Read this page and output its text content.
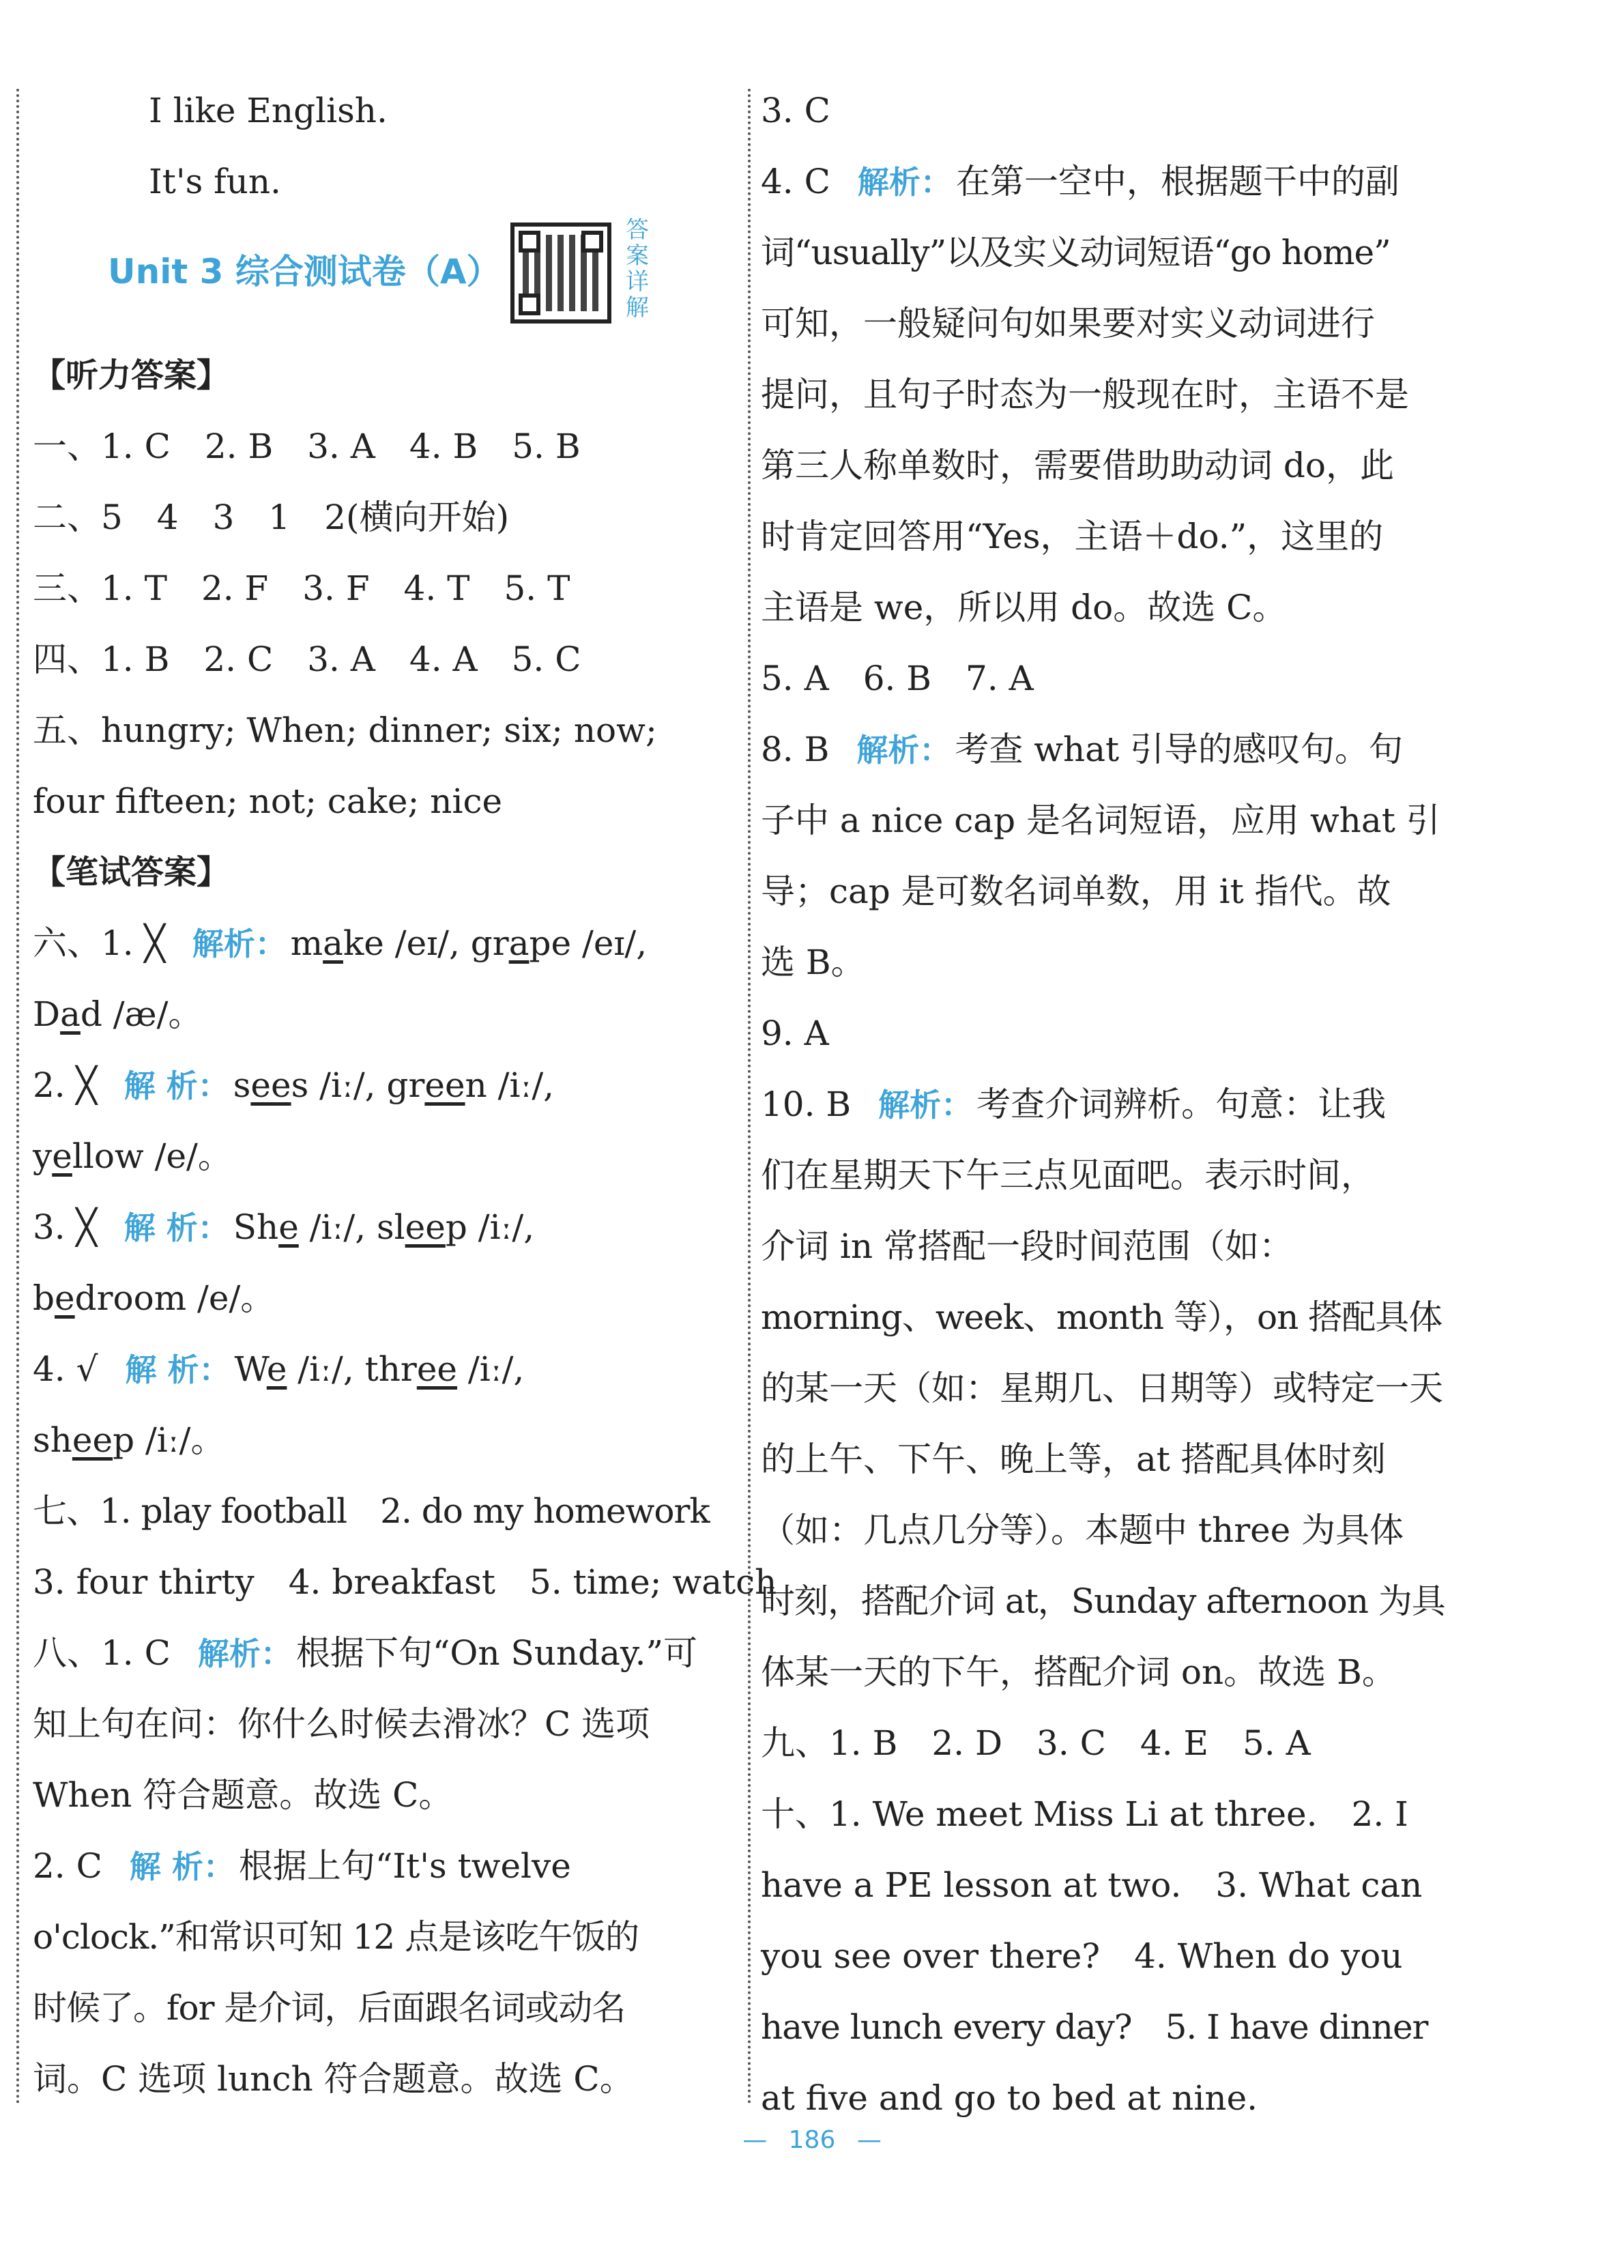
I like English.
It's fun.
Unit 3 综合测试卷（A）
答案详解
【听力答案】
一、1. C　2. B　3. A　4. B　5. B
二、5　4　3　1　2(横向开始)
三、1. T　2. F　3. F　4. T　5. T
四、1. B　2. C　3. A　4. A　5. C
五、hungry; When; dinner; six; now;
four fifteen; not; cake; nice
【笔试答案】
六、1. ╳ 解析： make /eɪ/, grape /eɪ/,
Dad /æ/。
2. ╳ 解 析： sees /iː/, green /iː/,
yellow /e/。
3. ╳ 解 析： She /iː/, sleep /iː/,
bedroom /e/。
4. √ 解 析： We /iː/, three /iː/,
sheep /iː/。
七、1. play football　2. do my homework
3. four thirty　4. breakfast　5. time; watch
八、1. C 解析： 根据下句“On Sunday.”可
知上句在问：你什么时候去滑冰？C 选项
When 符合题意。故选 C。
2. C 解 析： 根据上句“It's twelve
o'clock.”和常识可知 12 点是该吃午饭的
时候了。for 是介词，后面跟名词或动名
词。C 选项 lunch 符合题意。故选 C。
3. C
4. C 解析： 在第一空中，根据题干中的副
词“usually”以及实义动词短语“go home”
可知，一般疑问句如果要对实义动词进行
提问，且句子时态为一般现在时，主语不是
第三人称单数时，需要借助助动词 do，此
时肯定回答用“Yes，主语＋do.”，这里的
主语是 we，所以用 do。故选 C。
5. A　6. B　7. A
8. B 解析： 考查 what 引导的感叹句。句
子中 a nice cap 是名词短语，应用 what 引
导；cap 是可数名词单数，用 it 指代。故
选 B。
9. A
10. B 解析： 考查介词辨析。句意：让我
们在星期天下午三点见面吧。表示时间，
介词 in 常搭配一段时间范围（如：
morning、week、month 等），on 搭配具体
的某一天（如：星期几、日期等）或特定一天
的上午、下午、晚上等，at 搭配具体时刻
（如：几点几分等）。本题中 three 为具体
时刻，搭配介词 at，Sunday afternoon 为具
体某一天的下午，搭配介词 on。故选 B。
九、1. B　2. D　3. C　4. E　5. A
十、1. We meet Miss Li at three.　2. I
have a PE lesson at two.　3. What can
you see over there?　4. When do you
have lunch every day?　5. I have dinner
at five and go to bed at nine.
— 186 —
